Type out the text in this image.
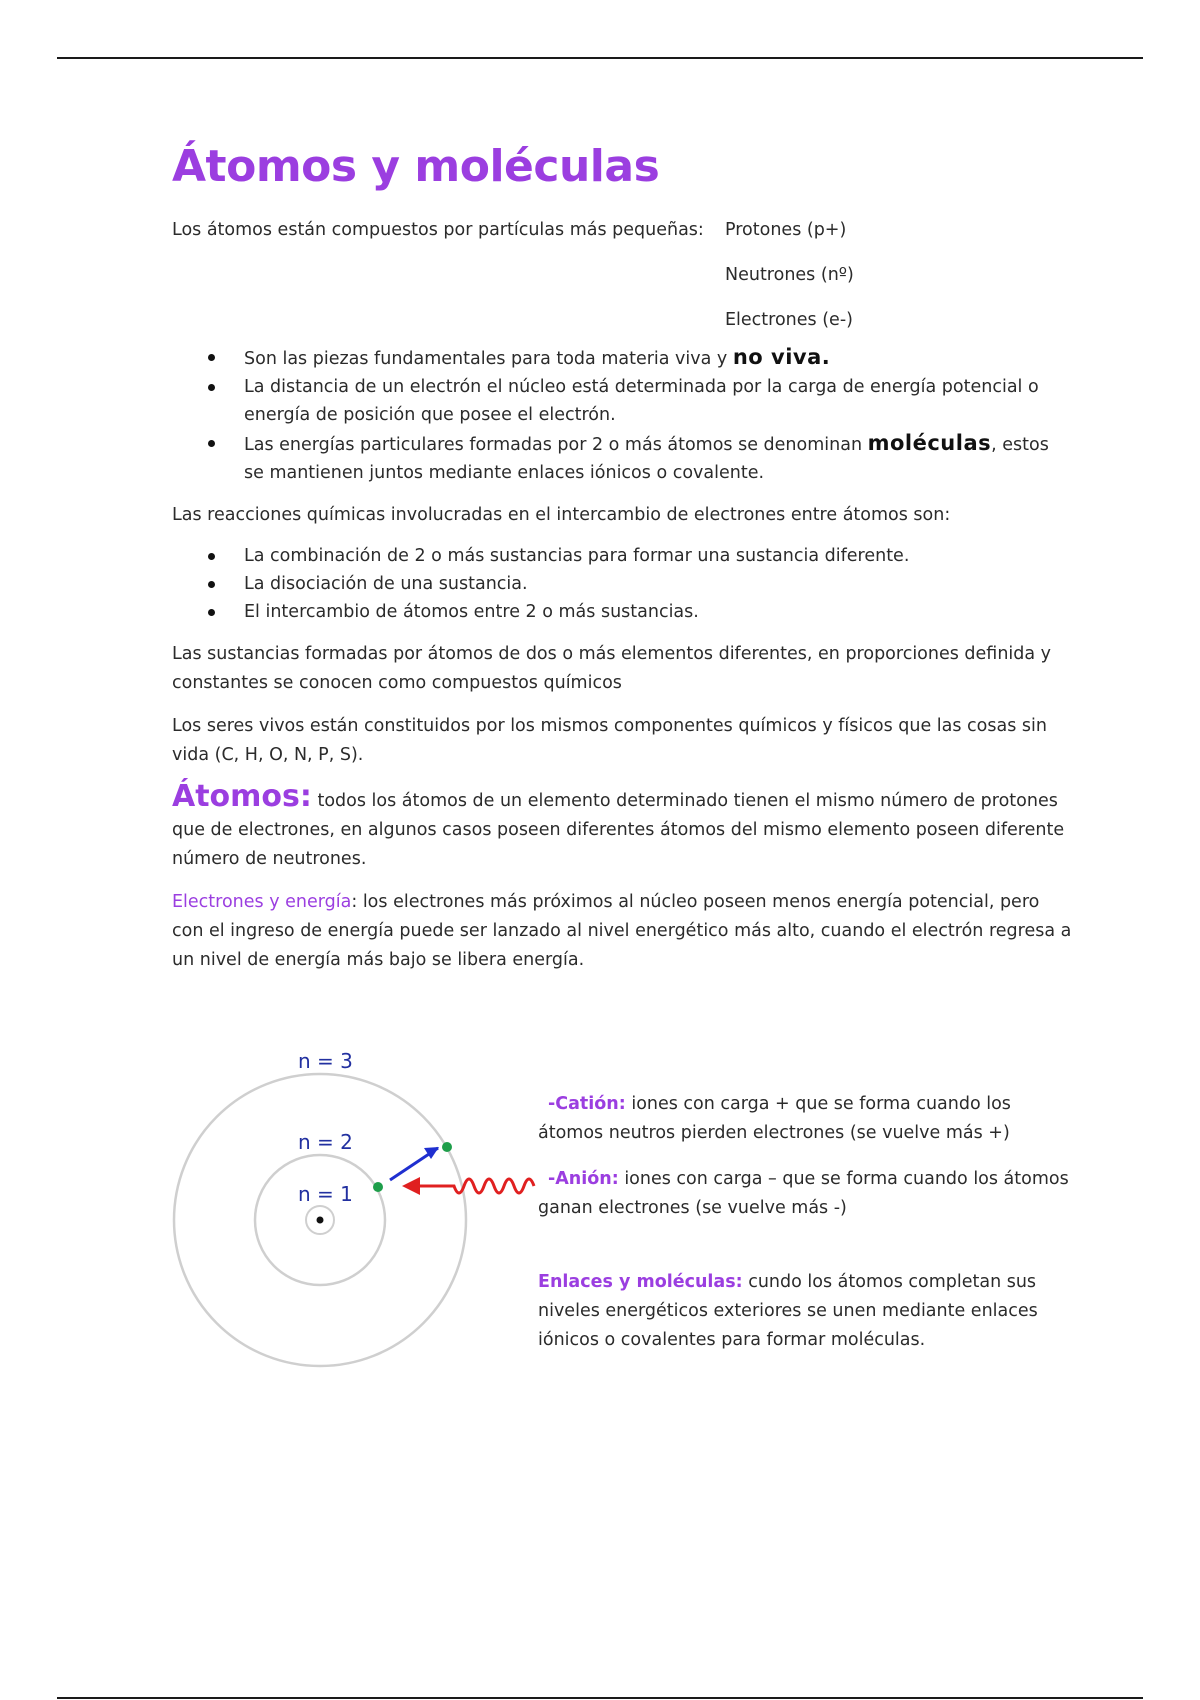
Átomos y moléculas

Los átomos están compuestos por partículas más pequeñas:	Protones (p+)
Neutrones (nº)
Electrones (e-)
Son las piezas fundamentales para toda materia viva y no viva.
La distancia de un electrón el núcleo está determinada por la carga de energía potencial o energía de posición que posee el electrón.
Las energías particulares formadas por 2 o más átomos se denominan moléculas, estos se mantienen juntos mediante enlaces iónicos o covalente.

Las reacciones químicas involucradas en el intercambio de electrones entre átomos son:

La combinación de 2 o más sustancias para formar una sustancia diferente.
La disociación de una sustancia.
El intercambio de átomos entre 2 o más sustancias.

Las sustancias formadas por átomos de dos o más elementos diferentes, en proporciones definida y constantes se conocen como compuestos químicos

Los seres vivos están constituidos por los mismos componentes químicos y físicos que las cosas sin vida (C, H, O, N, P, S).

Átomos: todos los átomos de un elemento determinado tienen el mismo número de protones que de electrones, en algunos casos poseen diferentes átomos del mismo elemento poseen diferente número de neutrones.

Electrones y energía: los electrones más próximos al núcleo poseen menos energía potencial, pero con el ingreso de energía puede ser lanzado al nivel energético más alto, cuando el electrón regresa a un nivel de energía más bajo se libera energía.

n = 3
n = 2
n = 1
-Catión: iones con carga + que se forma cuando los átomos neutros pierden electrones (se vuelve más +)
-Anión: iones con carga – que se forma cuando los átomos ganan electrones (se vuelve más -)
Enlaces y moléculas: cundo los átomos completan sus niveles energéticos exteriores se unen mediante enlaces iónicos o covalentes para formar moléculas.
